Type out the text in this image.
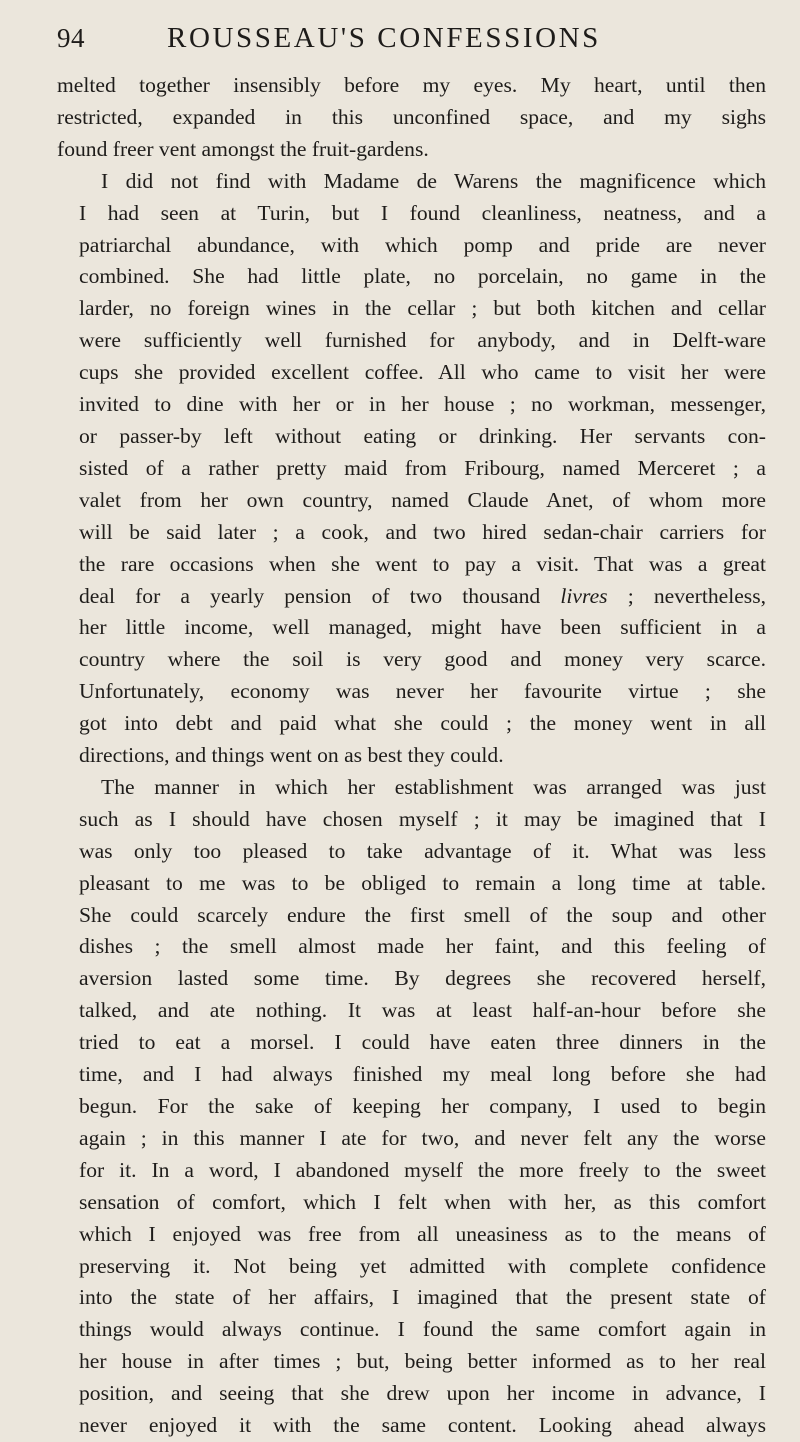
94	ROUSSEAU'S CONFESSIONS

melted together insensibly before my eyes. My heart, until then
restricted, expanded in this unconfined space, and my sighs
found freer vent amongst the fruit-gardens.

I did not find with Madame de Warens the magnificence which
I had seen at Turin, but I found cleanliness, neatness, and a
patriarchal abundance, with which pomp and pride are never
combined. She had little plate, no porcelain, no game in the
larder, no foreign wines in the cellar ; but both kitchen and cellar
were sufficiently well furnished for anybody, and in Delft-ware
cups she provided excellent coffee. All who came to visit her were
invited to dine with her or in her house ; no workman, messenger,
or passer-by left without eating or drinking. Her servants con-
sisted of a rather pretty maid from Fribourg, named Merceret ; a
valet from her own country, named Claude Anet, of whom more
will be said later ; a cook, and two hired sedan-chair carriers for
the rare occasions when she went to pay a visit. That was a great
deal for a yearly pension of two thousand livres ; nevertheless,
her little income, well managed, might have been sufficient in a
country where the soil is very good and money very scarce.
Unfortunately, economy was never her favourite virtue ; she
got into debt and paid what she could ; the money went in all
directions, and things went on as best they could.

The manner in which her establishment was arranged was just
such as I should have chosen myself ; it may be imagined that I
was only too pleased to take advantage of it. What was less
pleasant to me was to be obliged to remain a long time at table.
She could scarcely endure the first smell of the soup and other
dishes ; the smell almost made her faint, and this feeling of
aversion lasted some time. By degrees she recovered herself,
talked, and ate nothing. It was at least half-an-hour before she
tried to eat a morsel. I could have eaten three dinners in the
time, and I had always finished my meal long before she had
begun. For the sake of keeping her company, I used to begin
again ; in this manner I ate for two, and never felt any the worse
for it. In a word, I abandoned myself the more freely to the sweet
sensation of comfort, which I felt when with her, as this comfort
which I enjoyed was free from all uneasiness as to the means of
preserving it. Not being yet admitted with complete confidence
into the state of her affairs, I imagined that the present state of
things would always continue. I found the same comfort again in
her house in after times ; but, being better informed as to her real
position, and seeing that she drew upon her income in advance, I
never enjoyed it with the same content. Looking ahead always
